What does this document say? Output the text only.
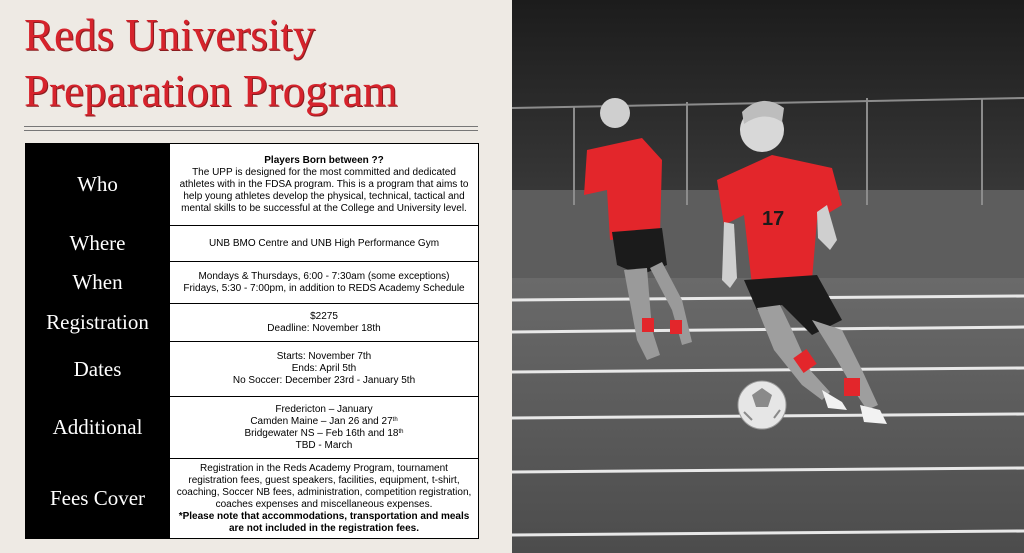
Reds University
Preparation Program
Who	Players Born between ??
The UPP is designed for the most committed and dedicated athletes with in the FDSA program. This is a program that aims to help young athletes develop the physical, technical, tactical and mental skills to be successful at the College and University level.

Where	UNB BMO Centre and UNB High Performance Gym
When	Mondays & Thursdays, 6:00 - 7:30am (some exceptions)
Fridays, 5:30 - 7:00pm, in addition to REDS Academy Schedule

Registration	$2275
Deadline: November 18th

Dates	Starts: November 7th
Ends: April 5th
No Soccer: December 23rd - January 5th

Additional	Fredericton – January
Camden Maine – Jan 26 and 27th
Bridgewater NS – Feb 16th and 18th
TBD - March

Fees Cover	Registration in the Reds Academy Program, tournament registration fees, guest speakers, facilities, equipment, t-shirt, coaching, Soccer NB fees, administration, competition registration, coaches expenses and miscellaneous expenses.
*Please note that accommodations, transportation and meals are not included in the registration fees.
17
